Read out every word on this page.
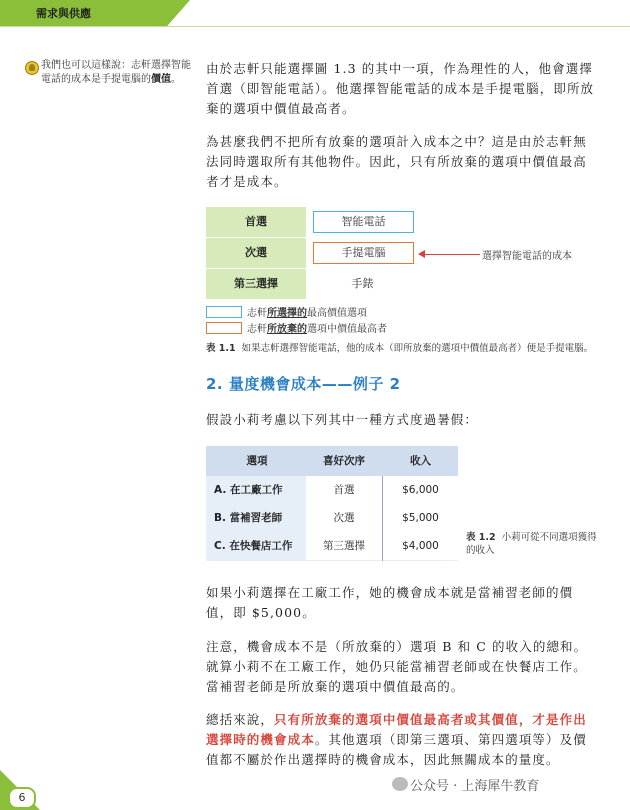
需求與供應
我們也可以這樣說：志軒選擇智能電話的成本是手提電腦的價值。
由於志軒只能選擇圖 1.3 的其中一項，作為理性的人，他會選擇首選（即智能電話）。他選擇智能電話的成本是手提電腦，即所放棄的選項中價值最高者。
為甚麼我們不把所有放棄的選項計入成本之中？這是由於志軒無法同時選取所有其他物件。因此，只有所放棄的選項中價值最高者才是成本。
首選	智能電話
次選	手提電腦
第三選擇	手錶
選擇智能電話的成本
志軒所選擇的最高價值選項
志軒所放棄的選項中價值最高者
表 1.1 如果志軒選擇智能電話，他的成本（即所放棄的選項中價值最高者）便是手提電腦。
2. 量度機會成本——例子 2
假設小莉考慮以下列其中一種方式度過暑假：
選項	喜好次序	收入
A. 在工廠工作	首選	$6,000
B. 當補習老師	次選	$5,000
C. 在快餐店工作	第三選擇	$4,000
表 1.2 小莉可從不同選項獲得的收入
如果小莉選擇在工廠工作，她的機會成本就是當補習老師的價值，即 $5,000。
注意，機會成本不是（所放棄的）選項 B 和 C 的收入的總和。就算小莉不在工廠工作，她仍只能當補習老師或在快餐店工作。當補習老師是所放棄的選項中價值最高的。
總括來說，只有所放棄的選項中價值最高者或其價值，才是作出選擇時的機會成本。其他選項（即第三選項、第四選項等）及價值都不屬於作出選擇時的機會成本，因此無關成本的量度。
6
公众号 · 上海犀牛教育
